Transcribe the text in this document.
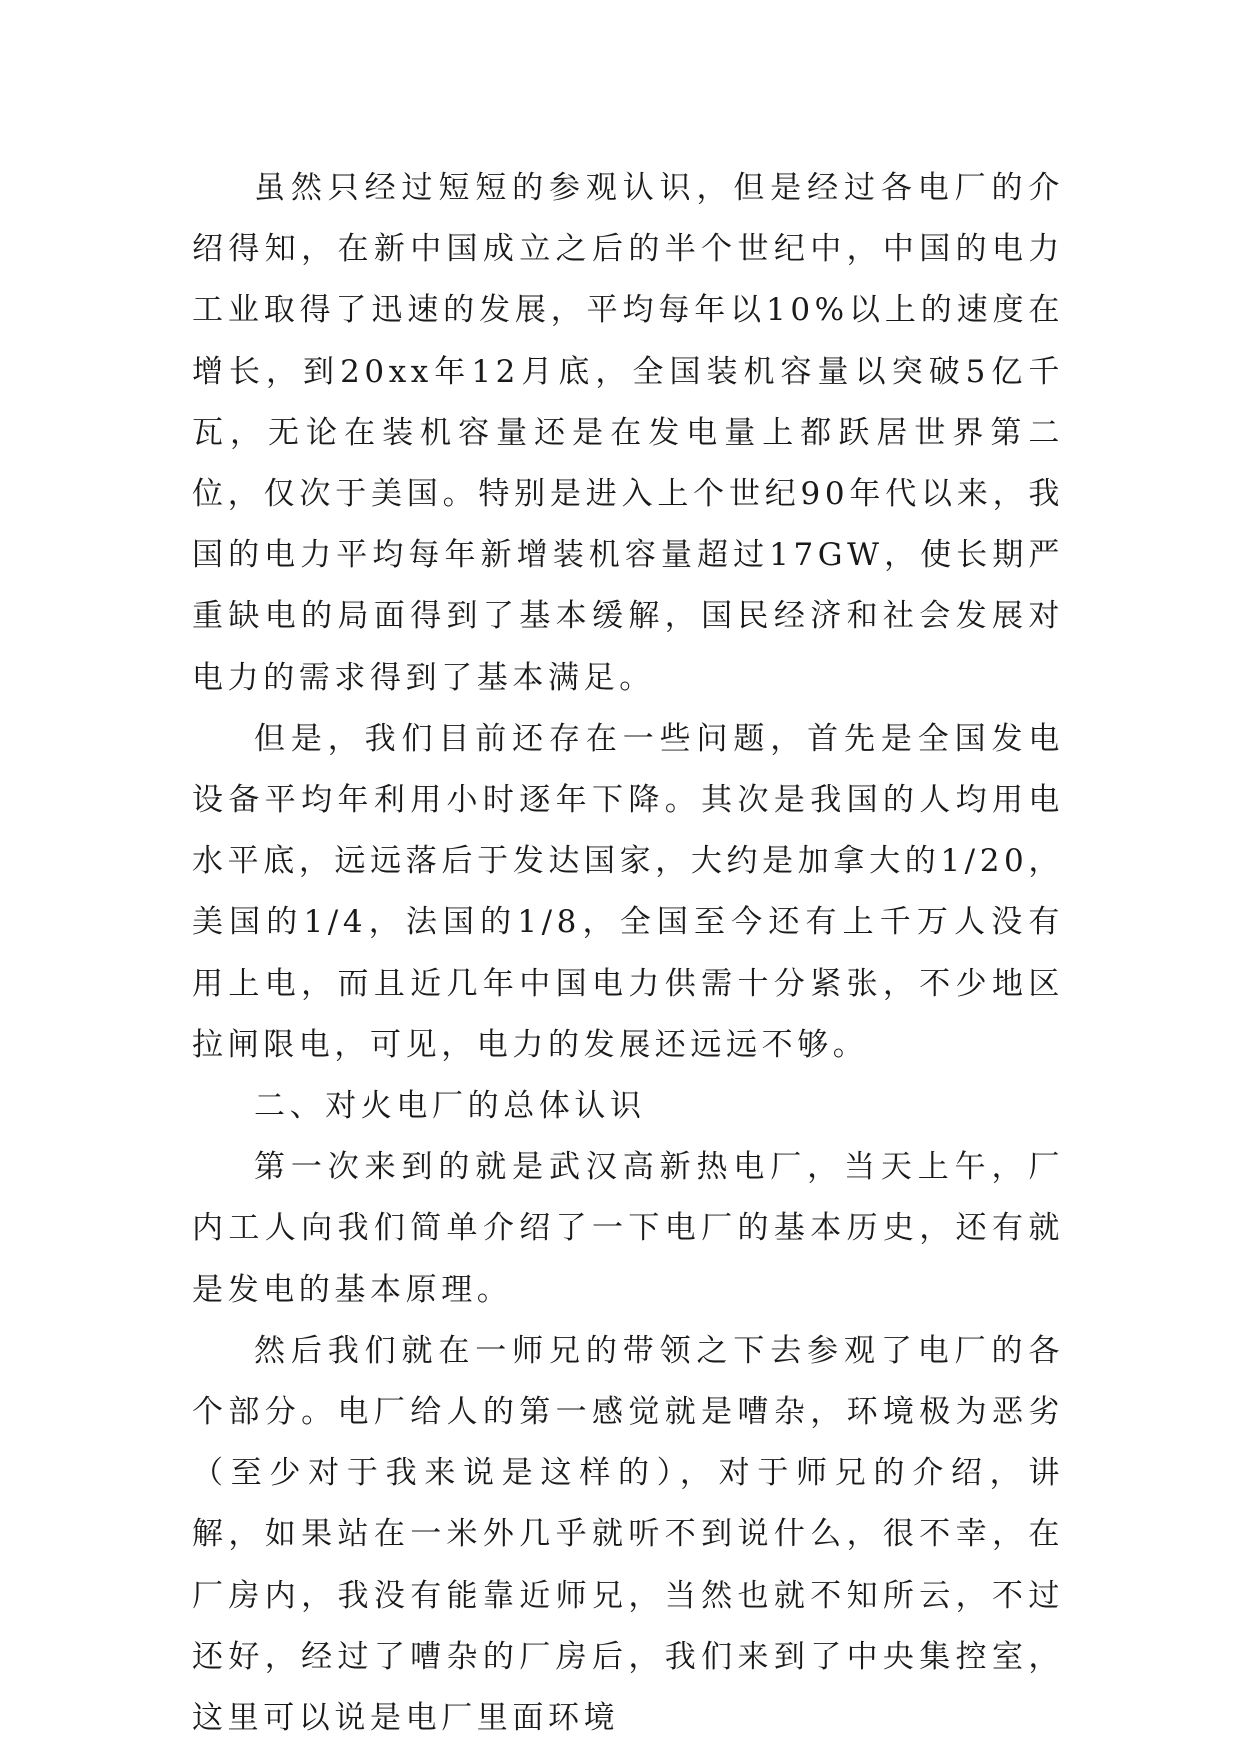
虽然只经过短短的参观认识，但是经过各电厂的介绍得知，在新中国成立之后的半个世纪中，中国的电力工业取得了迅速的发展，平均每年以10%以上的速度在增长，到20xx年12月底，全国装机容量以突破5亿千瓦，无论在装机容量还是在发电量上都跃居世界第二位，仅次于美国。特别是进入上个世纪90年代以来，我国的电力平均每年新增装机容量超过17GW，使长期严重缺电的局面得到了基本缓解，国民经济和社会发展对电力的需求得到了基本满足。

但是，我们目前还存在一些问题，首先是全国发电设备平均年利用小时逐年下降。其次是我国的人均用电水平底，远远落后于发达国家，大约是加拿大的1/20，美国的1/4，法国的1/8，全国至今还有上千万人没有用上电，而且近几年中国电力供需十分紧张，不少地区拉闸限电，可见，电力的发展还远远不够。

二、对火电厂的总体认识

第一次来到的就是武汉高新热电厂，当天上午，厂内工人向我们简单介绍了一下电厂的基本历史，还有就是发电的基本原理。

然后我们就在一师兄的带领之下去参观了电厂的各个部分。电厂给人的第一感觉就是嘈杂，环境极为恶劣（至少对于我来说是这样的），对于师兄的介绍，讲解，如果站在一米外几乎就听不到说什么，很不幸，在厂房内，我没有能靠近师兄，当然也就不知所云，不过还好，经过了嘈杂的厂房后，我们来到了中央集控室，这里可以说是电厂里面环境
